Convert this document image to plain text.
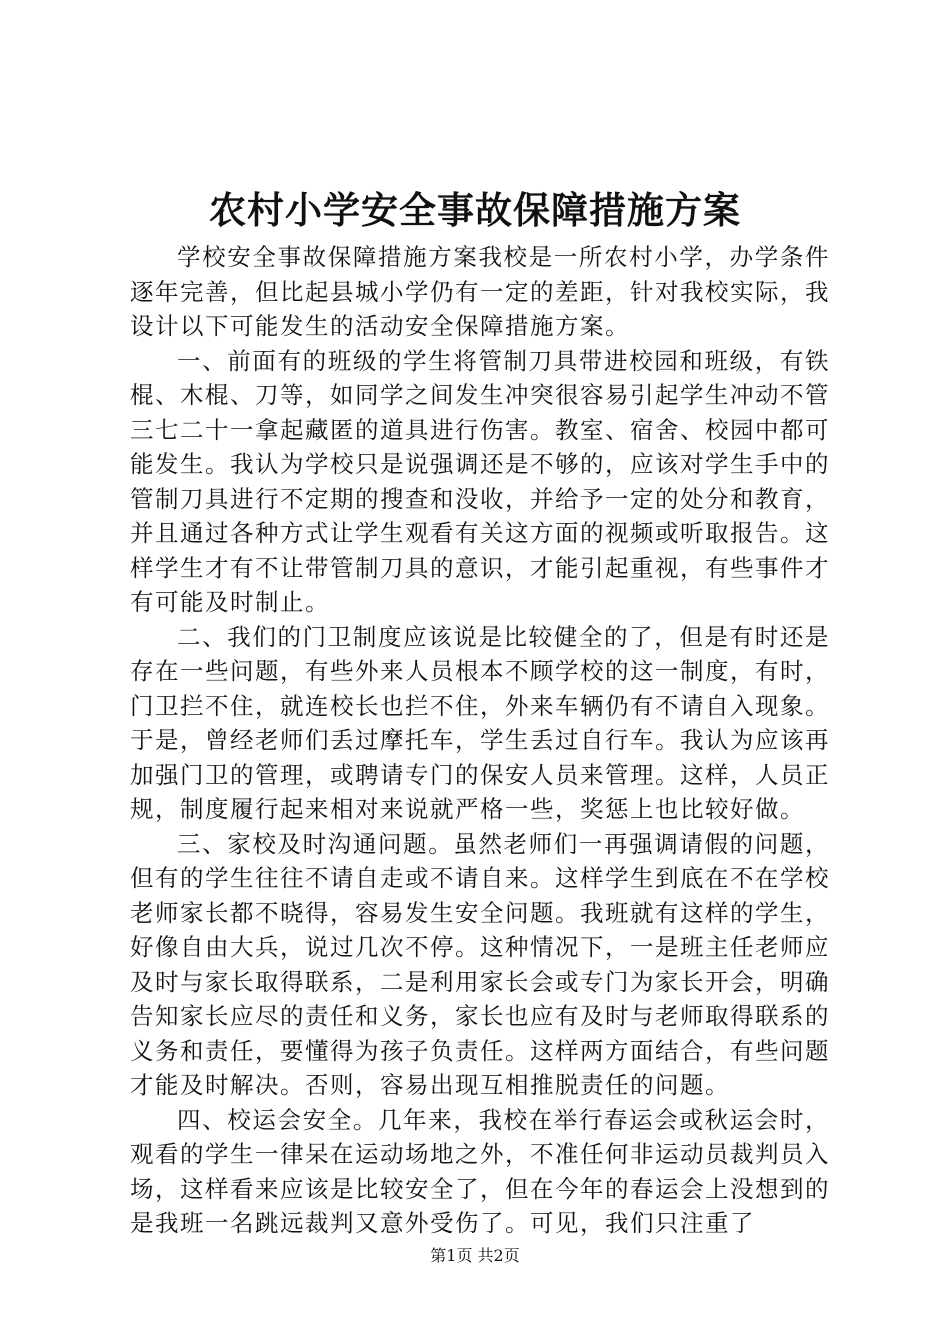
农村小学安全事故保障措施方案

学校安全事故保障措施方案我校是一所农村小学，办学条件逐年完善，但比起县城小学仍有一定的差距，针对我校实际，我设计以下可能发生的活动安全保障措施方案。

一、前面有的班级的学生将管制刀具带进校园和班级，有铁棍、木棍、刀等，如同学之间发生冲突很容易引起学生冲动不管三七二十一拿起藏匿的道具进行伤害。教室、宿舍、校园中都可能发生。我认为学校只是说强调还是不够的，应该对学生手中的管制刀具进行不定期的搜查和没收，并给予一定的处分和教育，并且通过各种方式让学生观看有关这方面的视频或听取报告。这样学生才有不让带管制刀具的意识，才能引起重视，有些事件才有可能及时制止。

二、我们的门卫制度应该说是比较健全的了，但是有时还是存在一些问题，有些外来人员根本不顾学校的这一制度，有时，门卫拦不住，就连校长也拦不住，外来车辆仍有不请自入现象。于是，曾经老师们丢过摩托车，学生丢过自行车。我认为应该再加强门卫的管理，或聘请专门的保安人员来管理。这样，人员正规，制度履行起来相对来说就严格一些，奖惩上也比较好做。

三、家校及时沟通问题。虽然老师们一再强调请假的问题，但有的学生往往不请自走或不请自来。这样学生到底在不在学校老师家长都不晓得，容易发生安全问题。我班就有这样的学生，好像自由大兵，说过几次不停。这种情况下，一是班主任老师应及时与家长取得联系，二是利用家长会或专门为家长开会，明确告知家长应尽的责任和义务，家长也应有及时与老师取得联系的义务和责任，要懂得为孩子负责任。这样两方面结合，有些问题才能及时解决。否则，容易出现互相推脱责任的问题。

四、校运会安全。几年来，我校在举行春运会或秋运会时，观看的学生一律呆在运动场地之外，不准任何非运动员裁判员入场，这样看来应该是比较安全了，但在今年的春运会上没想到的是我班一名跳远裁判又意外受伤了。可见，我们只注重了

第1页 共2页
